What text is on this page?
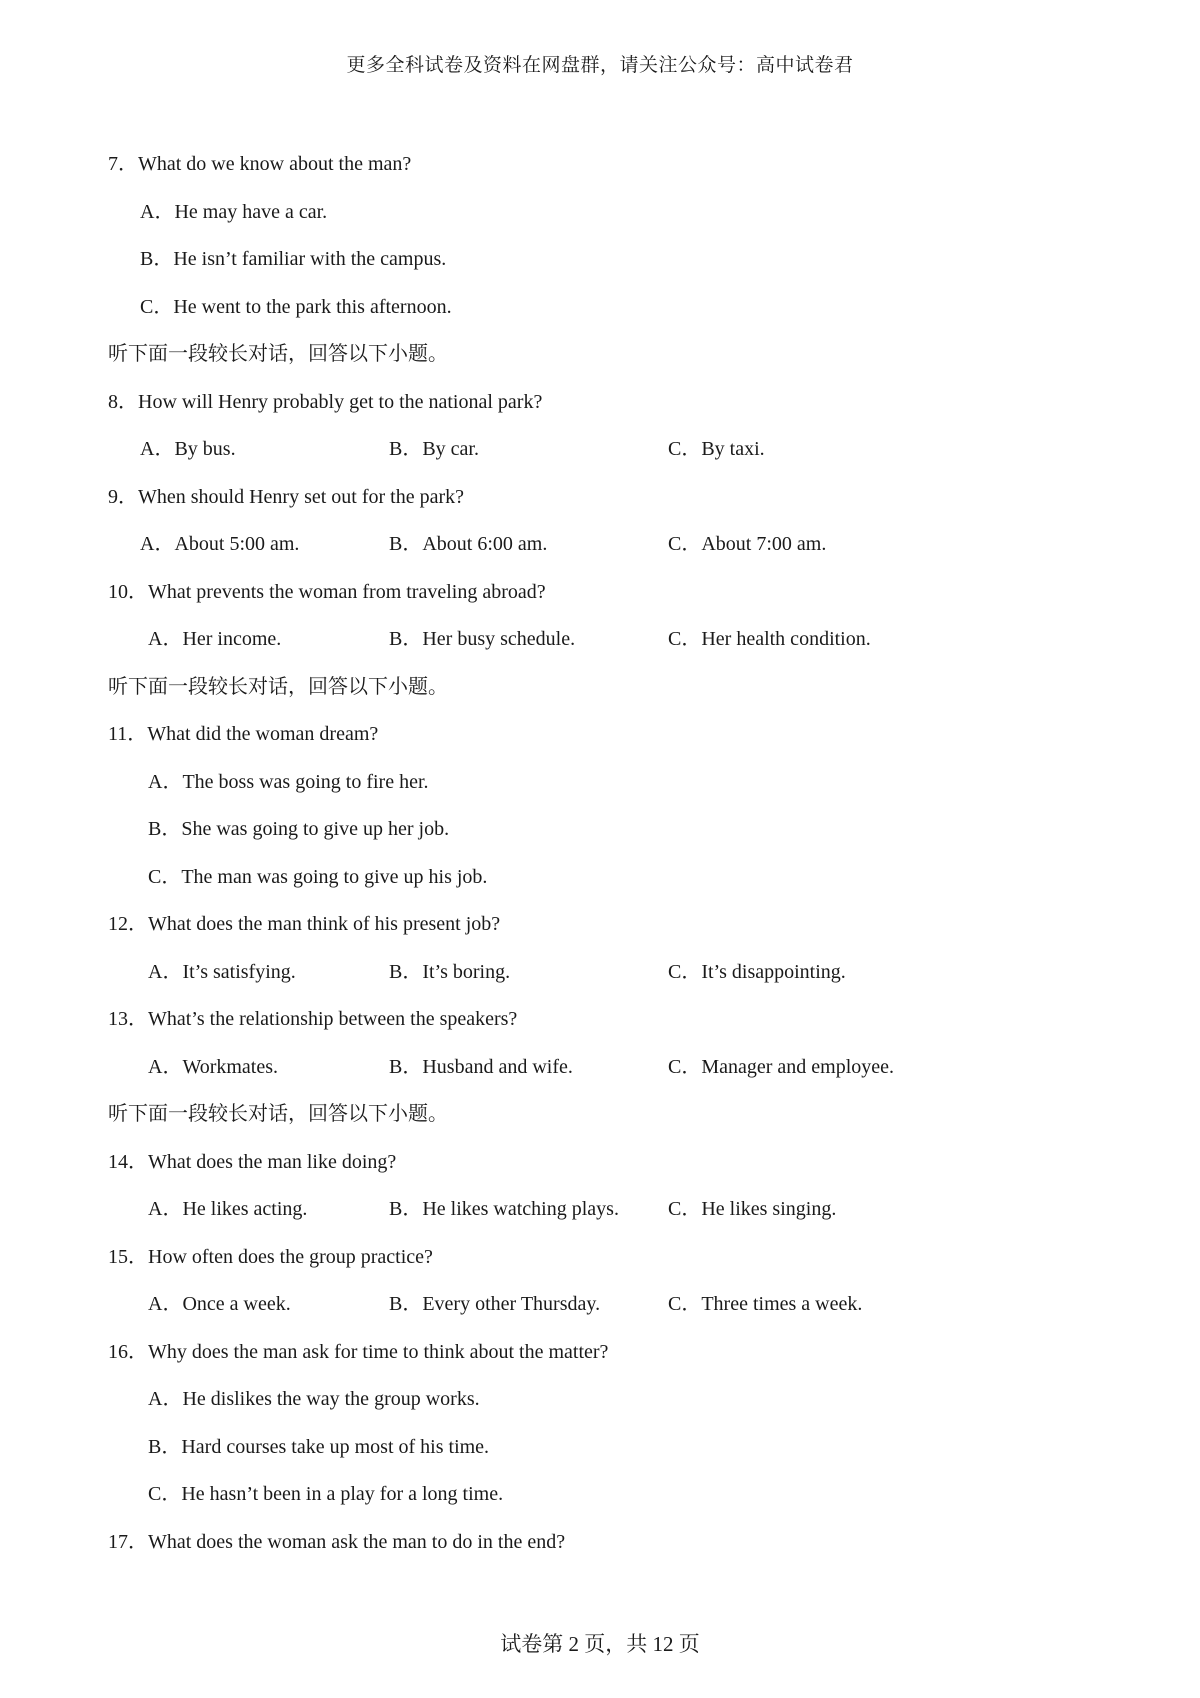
更多全科试卷及资料在网盘群，请关注公众号：高中试卷君
7．What do we know about the man?
A．He may have a car.
B．He isn’t familiar with the campus.
C．He went to the park this afternoon.
听下面一段较长对话，回答以下小题。
8．How will Henry probably get to the national park?
A．By bus.	B．By car.	C．By taxi.
9．When should Henry set out for the park?
A．About 5:00 am.	B．About 6:00 am.	C．About 7:00 am.
10．What prevents the woman from traveling abroad?
A．Her income.	B．Her busy schedule.	C．Her health condition.
听下面一段较长对话，回答以下小题。
11．What did the woman dream?
A．The boss was going to fire her.
B．She was going to give up her job.
C．The man was going to give up his job.
12．What does the man think of his present job?
A．It’s satisfying.	B．It’s boring.	C．It’s disappointing.
13．What’s the relationship between the speakers?
A．Workmates.	B．Husband and wife.	C．Manager and employee.
听下面一段较长对话，回答以下小题。
14．What does the man like doing?
A．He likes acting.	B．He likes watching plays. C．He likes singing.
15．How often does the group practice?
A．Once a week.	B．Every other Thursday.	C．Three times a week.
16．Why does the man ask for time to think about the matter?
A．He dislikes the way the group works.
B．Hard courses take up most of his time.
C．He hasn’t been in a play for a long time.
17．What does the woman ask the man to do in the end?
试卷第 2 页，共 12 页
